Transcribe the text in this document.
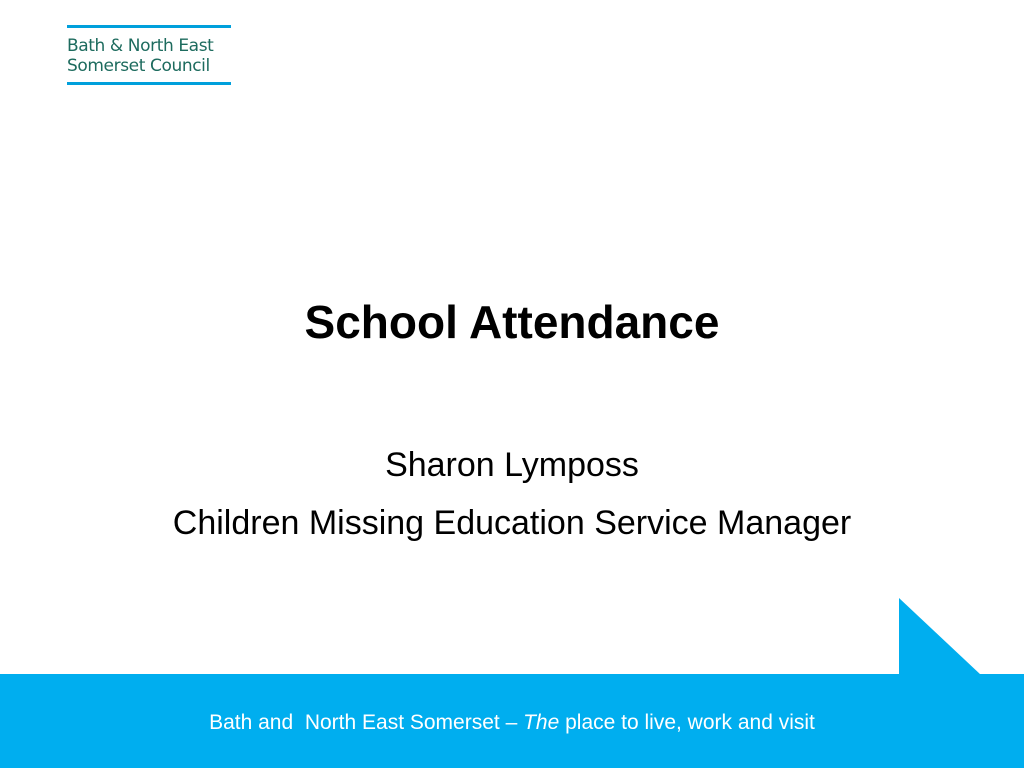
Bath & North East
Somerset Council
School Attendance
Sharon Lymposs
Children Missing Education Service Manager
Bath and  North East Somerset – The place to live, work and visit
